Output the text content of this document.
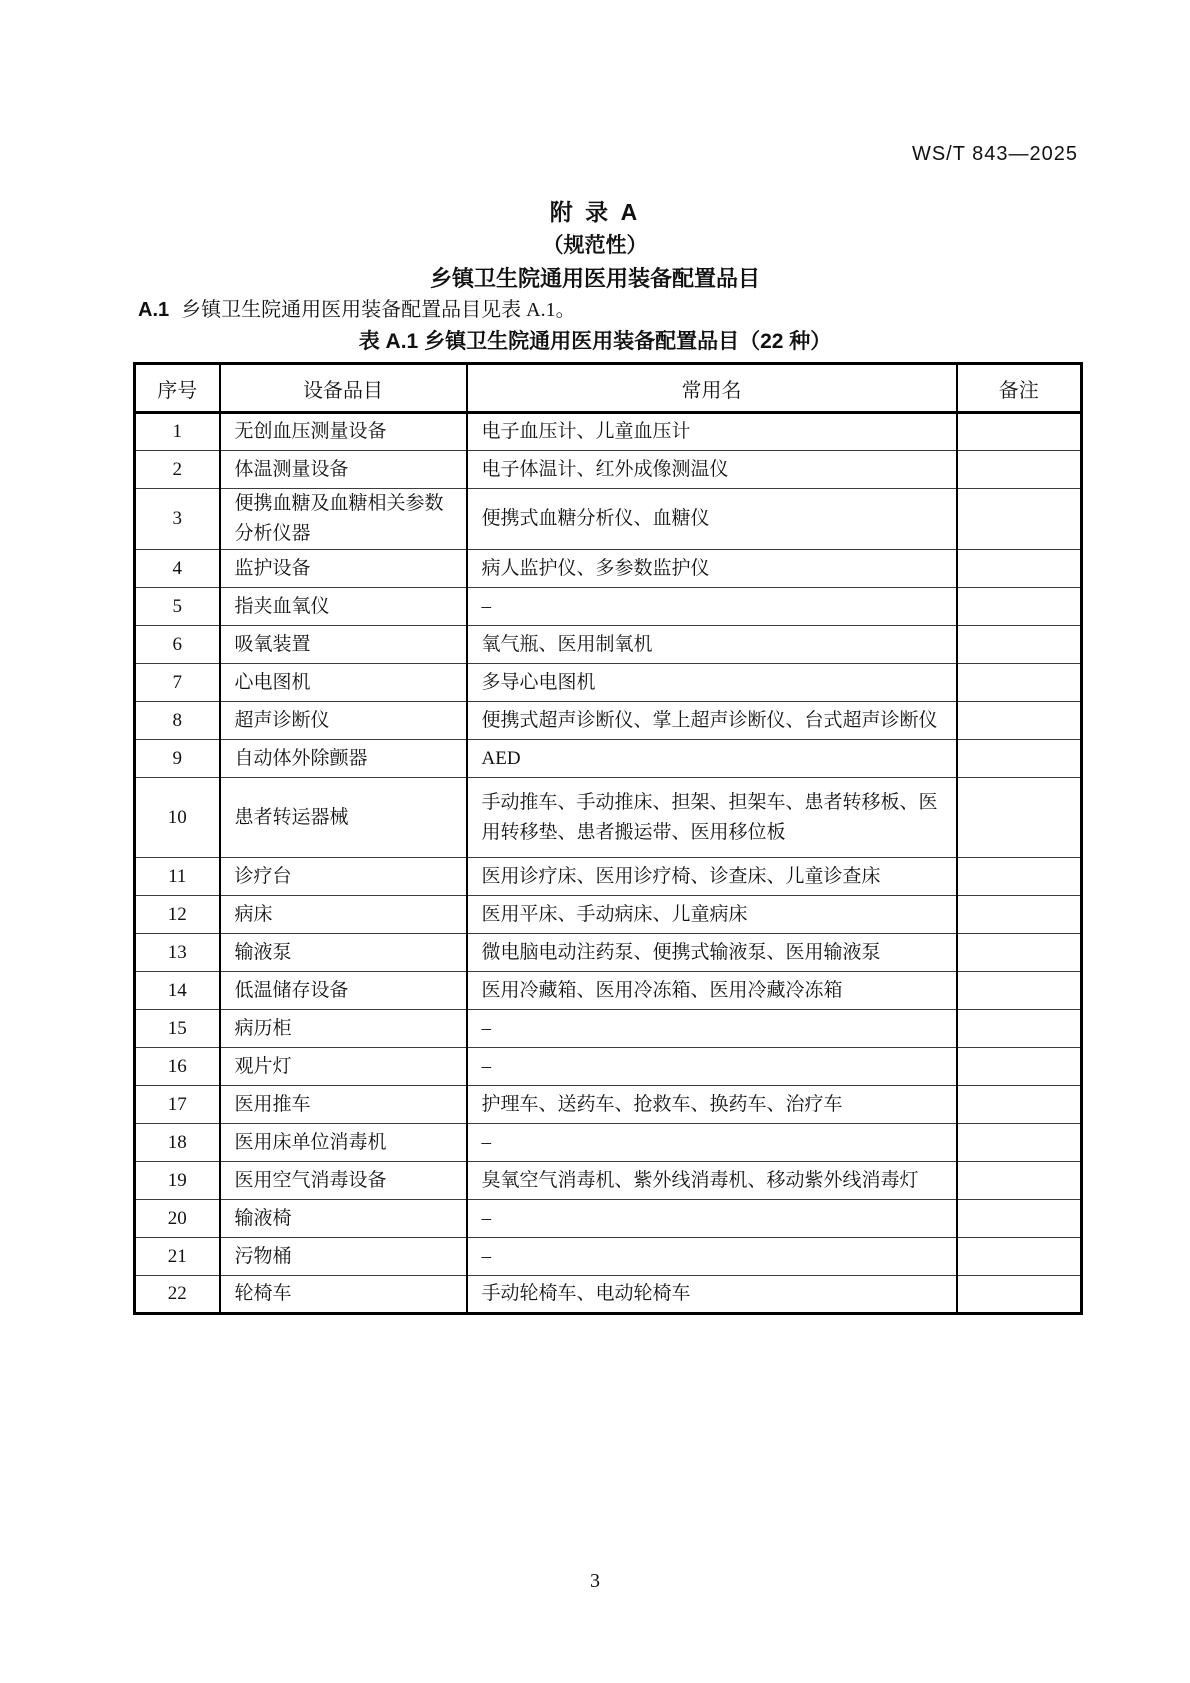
WS/T 843—2025
附 录 A
（规范性）
乡镇卫生院通用医用装备配置品目
A.1 乡镇卫生院通用医用装备配置品目见表 A.1。
表 A.1 乡镇卫生院通用医用装备配置品目（22 种）
序号	设备品目	常用名	备注
1	无创血压测量设备	电子血压计、儿童血压计	
2	体温测量设备	电子体温计、红外成像测温仪	
3	便携血糖及血糖相关参数分析仪器	便携式血糖分析仪、血糖仪	
4	监护设备	病人监护仪、多参数监护仪	
5	指夹血氧仪	–	
6	吸氧装置	氧气瓶、医用制氧机	
7	心电图机	多导心电图机	
8	超声诊断仪	便携式超声诊断仪、掌上超声诊断仪、台式超声诊断仪	
9	自动体外除颤器	AED	
10	患者转运器械	手动推车、手动推床、担架、担架车、患者转移板、医用转移垫、患者搬运带、医用移位板	
11	诊疗台	医用诊疗床、医用诊疗椅、诊查床、儿童诊查床	
12	病床	医用平床、手动病床、儿童病床	
13	输液泵	微电脑电动注药泵、便携式输液泵、医用输液泵	
14	低温储存设备	医用冷藏箱、医用冷冻箱、医用冷藏冷冻箱	
15	病历柜	–	
16	观片灯	–	
17	医用推车	护理车、送药车、抢救车、换药车、治疗车	
18	医用床单位消毒机	–	
19	医用空气消毒设备	臭氧空气消毒机、紫外线消毒机、移动紫外线消毒灯	
20	输液椅	–	
21	污物桶	–	
22	轮椅车	手动轮椅车、电动轮椅车	
3
